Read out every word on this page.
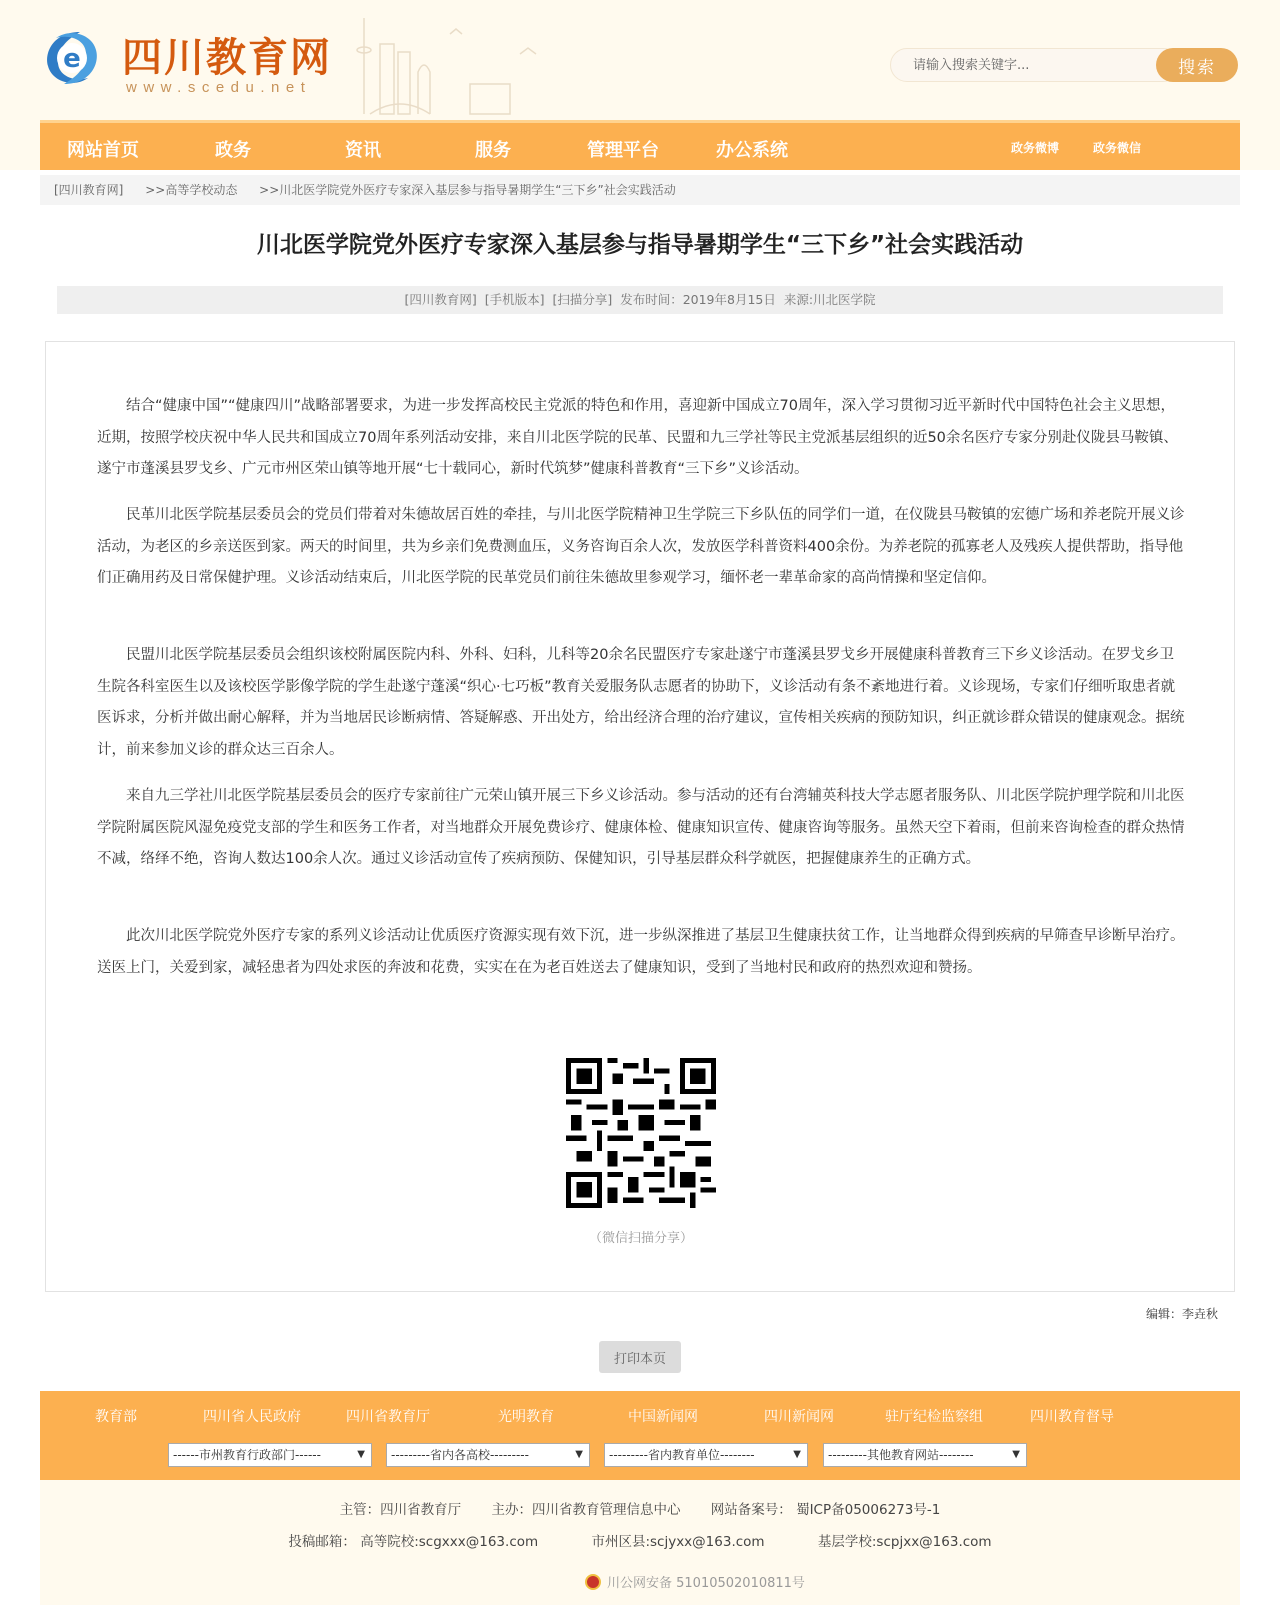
e 四川教育网
www.scedu.net
请输入搜索关键字...
搜索
网站首页	政务	资讯	服务	管理平台	办公系统	政务微博	政务微信
[四川教育网] >>高等学校动态 >>川北医学院党外医疗专家深入基层参与指导暑期学生“三下乡”社会实践活动
川北医学院党外医疗专家深入基层参与指导暑期学生“三下乡”社会实践活动
[四川教育网] [手机版本] [扫描分享] 发布时间：2019年8月15日 来源:川北医学院

结合“健康中国”“健康四川”战略部署要求，为进一步发挥高校民主党派的特色和作用，喜迎新中国成立70周年，深入学习贯彻习近平新时代中国特色社会主义思想，近期，按照学校庆祝中华人民共和国成立70周年系列活动安排，来自川北医学院的民革、民盟和九三学社等民主党派基层组织的近50余名医疗专家分别赴仪陇县马鞍镇、遂宁市蓬溪县罗戈乡、广元市州区荣山镇等地开展“七十载同心，新时代筑梦”健康科普教育“三下乡”义诊活动。

民革川北医学院基层委员会的党员们带着对朱德故居百姓的牵挂，与川北医学院精神卫生学院三下乡队伍的同学们一道，在仪陇县马鞍镇的宏德广场和养老院开展义诊活动，为老区的乡亲送医到家。两天的时间里，共为乡亲们免费测血压，义务咨询百余人次，发放医学科普资料400余份。为养老院的孤寡老人及残疾人提供帮助，指导他们正确用药及日常保健护理。义诊活动结束后，川北医学院的民革党员们前往朱德故里参观学习，缅怀老一辈革命家的高尚情操和坚定信仰。

民盟川北医学院基层委员会组织该校附属医院内科、外科、妇科，儿科等20余名民盟医疗专家赴遂宁市蓬溪县罗戈乡开展健康科普教育三下乡义诊活动。在罗戈乡卫生院各科室医生以及该校医学影像学院的学生赴遂宁蓬溪“织心·七巧板”教育关爱服务队志愿者的协助下，义诊活动有条不紊地进行着。义诊现场，专家们仔细听取患者就医诉求，分析并做出耐心解释，并为当地居民诊断病情、答疑解惑、开出处方，给出经济合理的治疗建议，宣传相关疾病的预防知识，纠正就诊群众错误的健康观念。据统计，前来参加义诊的群众达三百余人。

来自九三学社川北医学院基层委员会的医疗专家前往广元荣山镇开展三下乡义诊活动。参与活动的还有台湾辅英科技大学志愿者服务队、川北医学院护理学院和川北医学院附属医院风湿免疫党支部的学生和医务工作者，对当地群众开展免费诊疗、健康体检、健康知识宣传、健康咨询等服务。虽然天空下着雨，但前来咨询检查的群众热情不减，络绎不绝，咨询人数达100余人次。通过义诊活动宣传了疾病预防、保健知识，引导基层群众科学就医，把握健康养生的正确方式。

此次川北医学院党外医疗专家的系列义诊活动让优质医疗资源实现有效下沉，进一步纵深推进了基层卫生健康扶贫工作，让当地群众得到疾病的早筛查早诊断早治疗。送医上门，关爱到家，减轻患者为四处求医的奔波和花费，实实在在为老百姓送去了健康知识，受到了当地村民和政府的热烈欢迎和赞扬。

（微信扫描分享）
编辑：李垚秋
打印本页
教育部	四川省人民政府	四川省教育厅	光明教育	中国新闻网	四川新闻网	驻厅纪检监察组	四川教育督导
------市州教育行政部门------	▼	---------省内各高校---------	▼	---------省内教育单位--------	▼	---------其他教育网站--------	▼
主管：四川省教育厅 主办：四川省教育管理信息中心 网站备案号： 蜀ICP备05006273号-1
投稿邮箱： 高等院校:scgxxx@163.com	市州区县:scjyxx@163.com	基层学校:scpjxx@163.com
川公网安备 51010502010811号
